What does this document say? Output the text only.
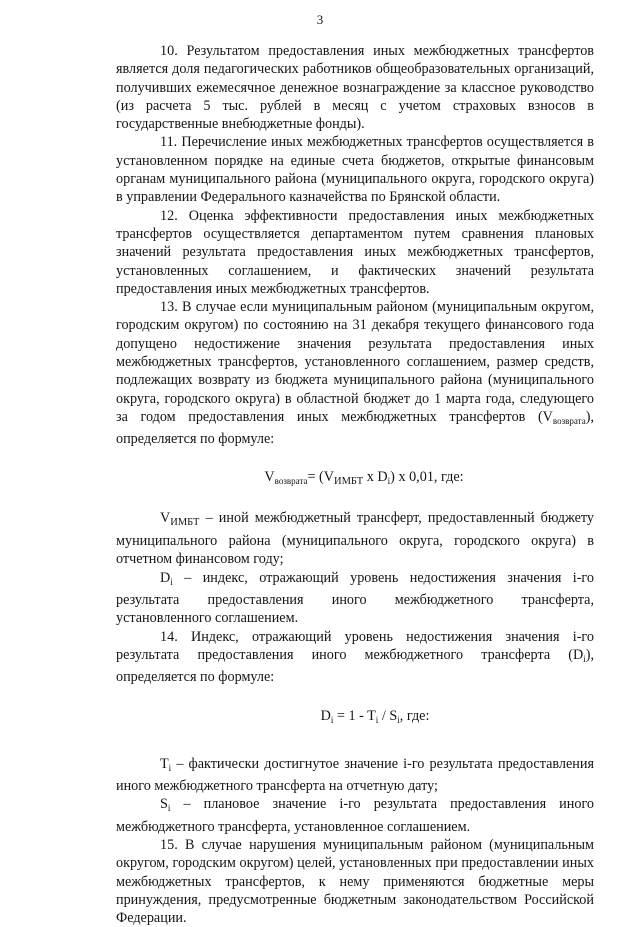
3

10. Результатом предоставления иных межбюджетных трансфертов является доля педагогических работников общеобразовательных организаций, получивших ежемесячное денежное вознаграждение за классное руководство (из расчета 5 тыс. рублей в месяц с учетом страховых взносов в государственные внебюджетные фонды).

11. Перечисление иных межбюджетных трансфертов осуществляется в установленном порядке на единые счета бюджетов, открытые финансовым органам муниципального района (муниципального округа, городского округа) в управлении Федерального казначейства по Брянской области.

12. Оценка эффективности предоставления иных межбюджетных трансфертов осуществляется департаментом путем сравнения плановых значений результата предоставления иных межбюджетных трансфертов, установленных соглашением, и фактических значений результата предоставления иных межбюджетных трансфертов.

13. В случае если муниципальным районом (муниципальным округом, городским округом) по состоянию на 31 декабря текущего финансового года допущено недостижение значения результата предоставления иных межбюджетных трансфертов, установленного соглашением, размер средств, подлежащих возврату из бюджета муниципального района (муниципального округа, городского округа) в областной бюджет до 1 марта года, следующего за годом предоставления иных межбюджетных трансфертов $(V_{возврата})$, определяется по формуле:

$V_{возврата}= (V_{ИМБТ}$ x $D_i$) x 0,01, где:

$V_{ИМБТ}$ – иной межбюджетный трансферт, предоставленный бюджету муниципального района (муниципального округа, городского округа) в отчетном финансовом году;

$D_i$ – индекс, отражающий уровень недостижения значения i-го результата предоставления иного межбюджетного трансферта, установленного соглашением.

14. Индекс, отражающий уровень недостижения значения i-го результата предоставления иного межбюджетного трансферта $(D_i)$, определяется по формуле:

$D_i = 1 - T_i / S_i$, где:

$T_i$ – фактически достигнутое значение i-го результата предоставления иного межбюджетного трансферта на отчетную дату;

$S_i$ – плановое значение i-го результата предоставления иного межбюджетного трансферта, установленное соглашением.

15. В случае нарушения муниципальным районом (муниципальным округом, городским округом) целей, установленных при предоставлении иных межбюджетных трансфертов, к нему применяются бюджетные меры принуждения, предусмотренные бюджетным законодательством Российской Федерации.
